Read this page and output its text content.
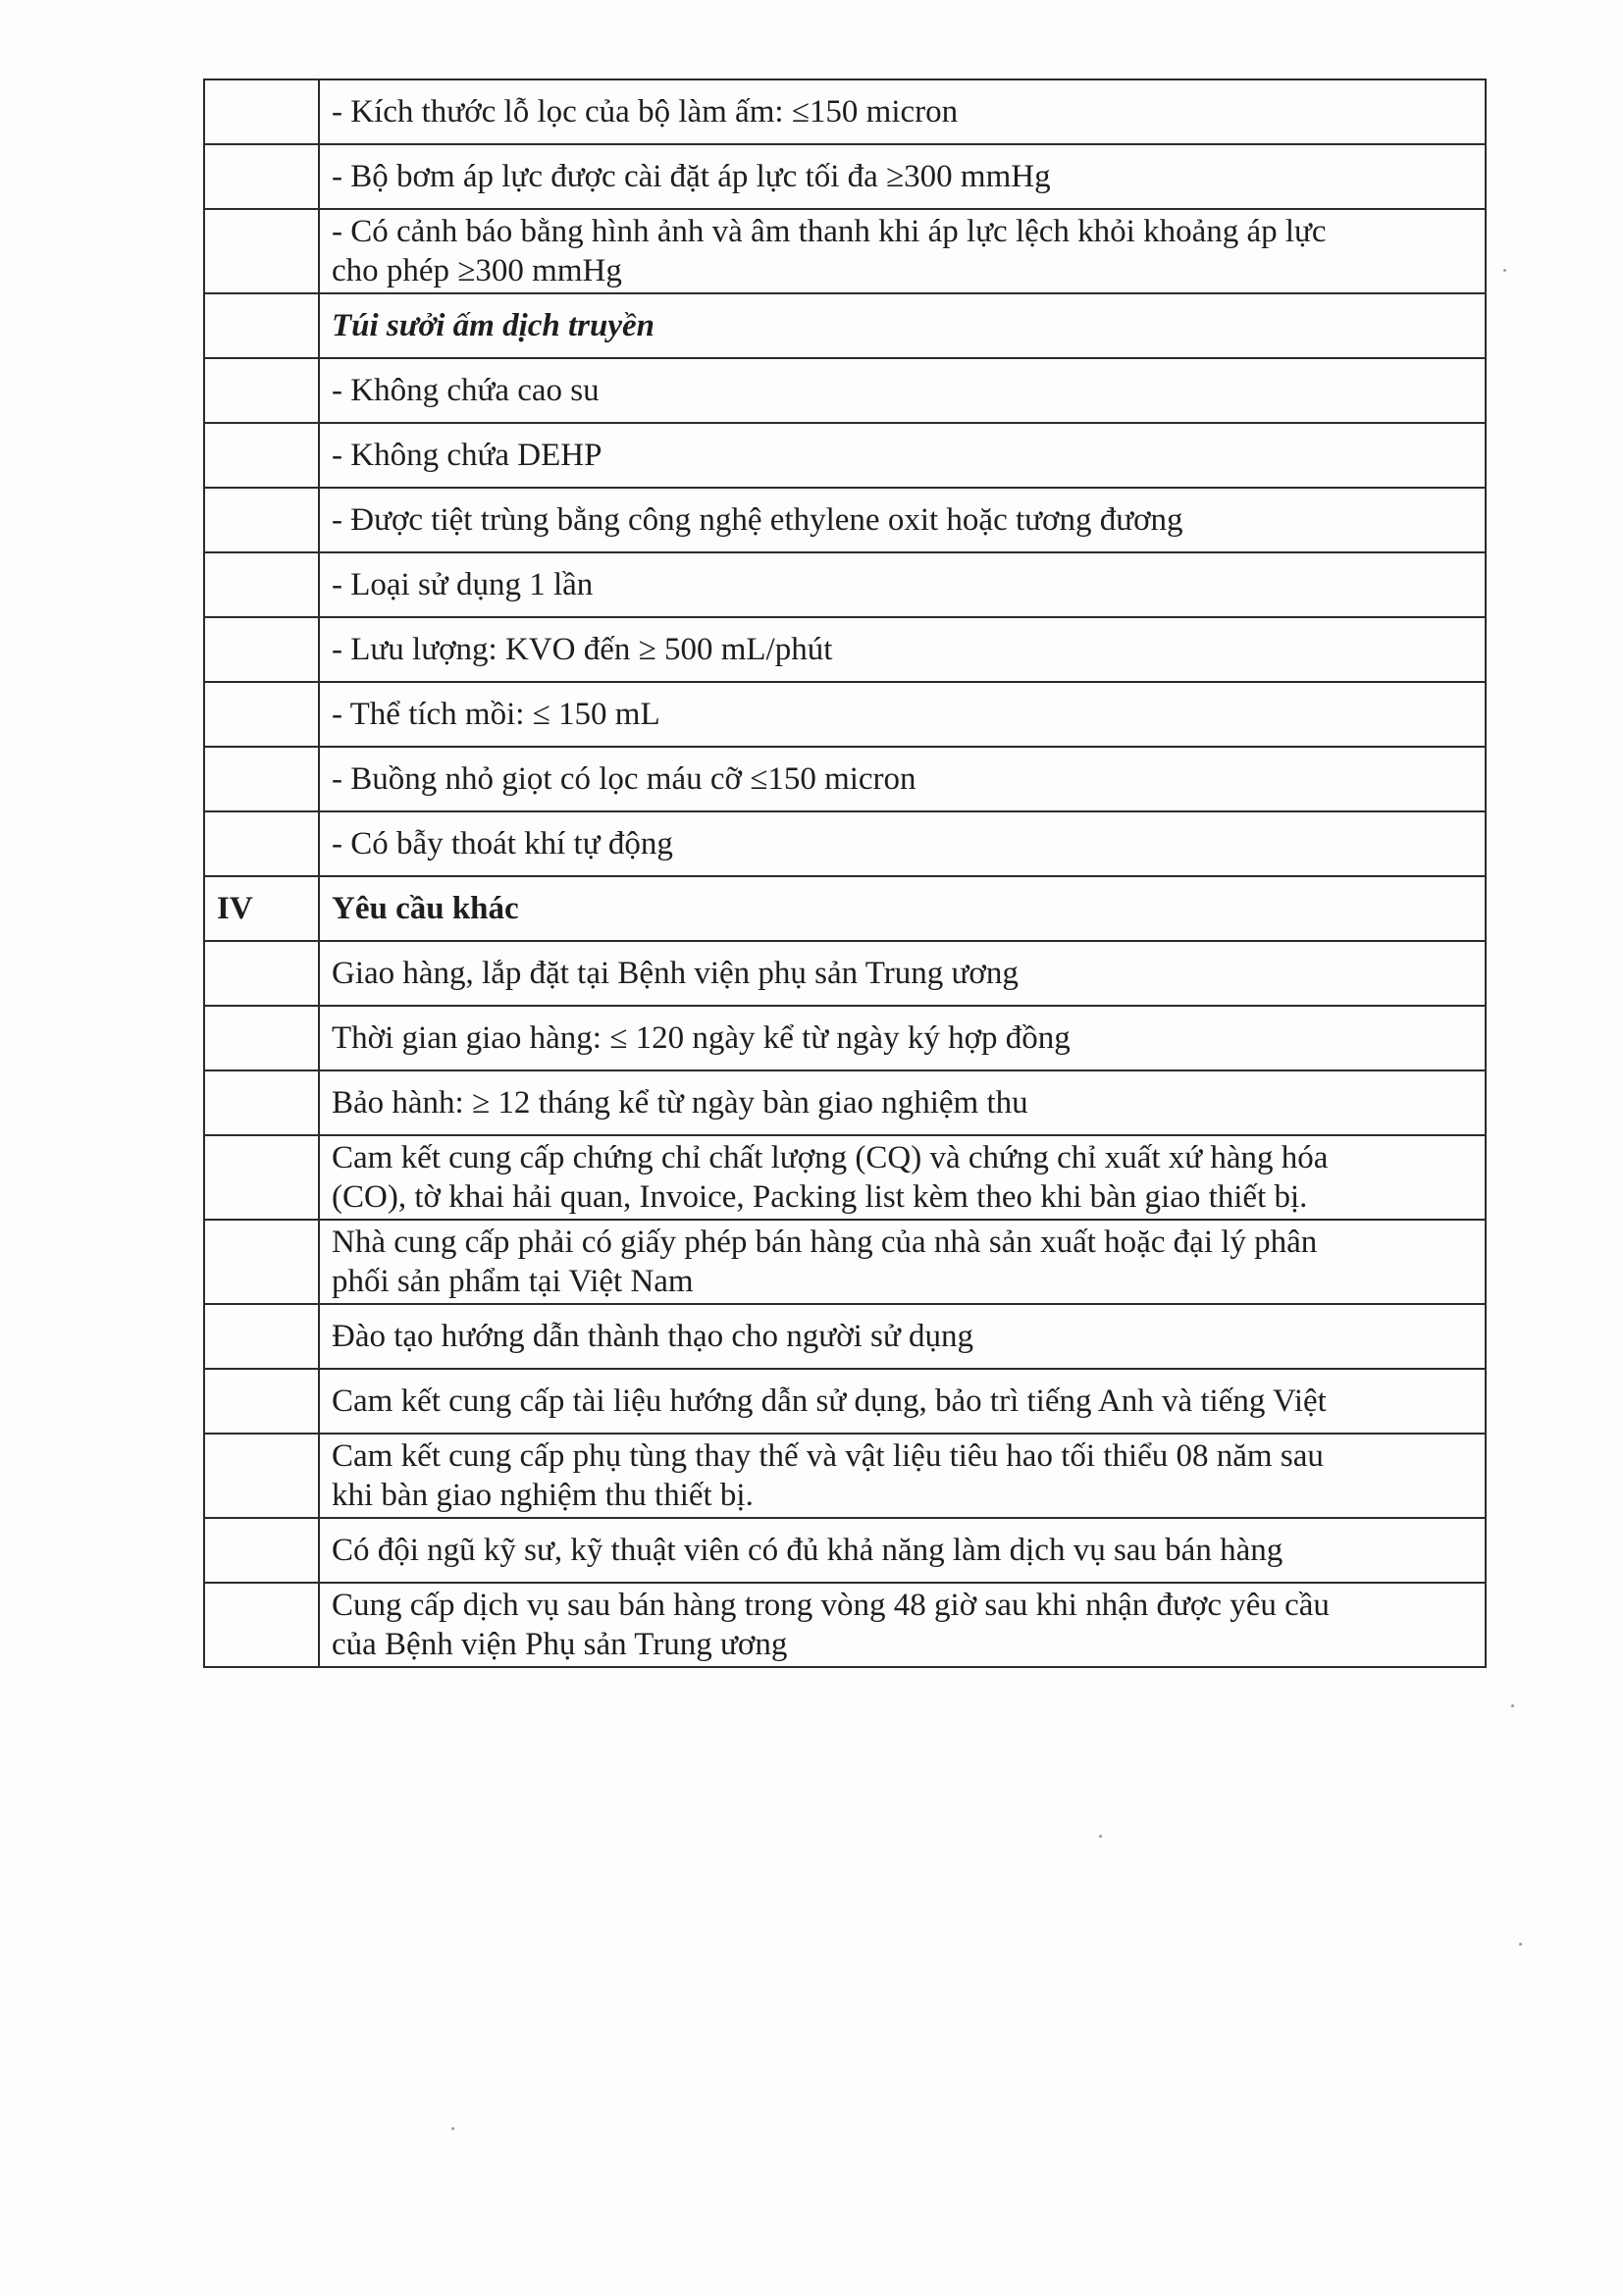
	- Kích thước lỗ lọc của bộ làm ấm: ≤150 micron

	- Bộ bơm áp lực được cài đặt áp lực tối đa ≥300 mmHg

	- Có cảnh báo bằng hình ảnh và âm thanh khi áp lực lệch khỏi khoảng áp lực
cho phép ≥300 mmHg

	Túi sưởi ấm dịch truyền

	- Không chứa cao su

	- Không chứa DEHP

	- Được tiệt trùng bằng công nghệ ethylene oxit hoặc tương đương

	- Loại sử dụng 1 lần

	- Lưu lượng: KVO đến ≥ 500 mL/phút

	- Thể tích mồi: ≤ 150 mL

	- Buồng nhỏ giọt có lọc máu cỡ ≤150 micron

	- Có bẫy thoát khí tự động

IV	Yêu cầu khác

	Giao hàng, lắp đặt tại Bệnh viện phụ sản Trung ương

	Thời gian giao hàng: ≤ 120 ngày kể từ ngày ký hợp đồng

	Bảo hành: ≥ 12 tháng kể từ ngày bàn giao nghiệm thu

	Cam kết cung cấp chứng chỉ chất lượng (CQ) và chứng chỉ xuất xứ hàng hóa
(CO), tờ khai hải quan, Invoice, Packing list kèm theo khi bàn giao thiết bị.

	Nhà cung cấp phải có giấy phép bán hàng của nhà sản xuất hoặc đại lý phân
phối sản phẩm tại Việt Nam

	Đào tạo hướng dẫn thành thạo cho người sử dụng

	Cam kết cung cấp tài liệu hướng dẫn sử dụng, bảo trì tiếng Anh và tiếng Việt

	Cam kết cung cấp phụ tùng thay thế và vật liệu tiêu hao tối thiểu 08 năm sau
khi bàn giao nghiệm thu thiết bị.

	Có đội ngũ kỹ sư, kỹ thuật viên có đủ khả năng làm dịch vụ sau bán hàng

	Cung cấp dịch vụ sau bán hàng trong vòng 48 giờ sau khi nhận được yêu cầu
của Bệnh viện Phụ sản Trung ương
